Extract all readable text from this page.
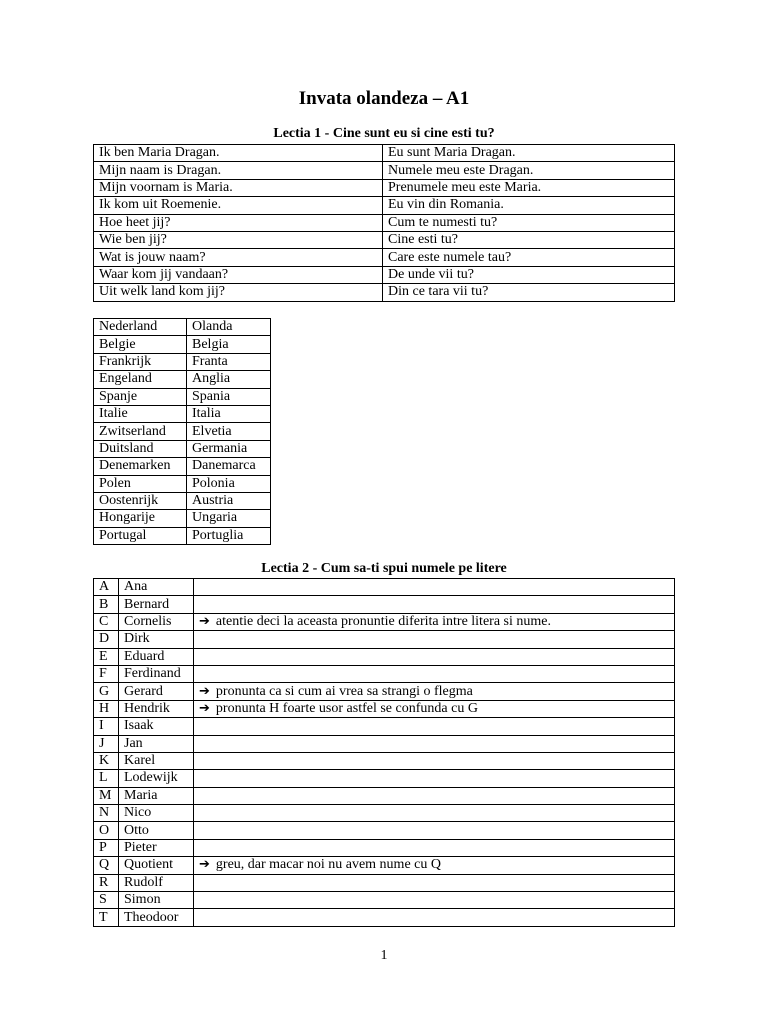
Invata olandeza – A1
Lectia 1 - Cine sunt eu si cine esti tu?
Ik ben Maria Dragan.	Eu sunt Maria Dragan.
Mijn naam is Dragan.	Numele meu este Dragan.
Mijn voornam is Maria.	Prenumele meu este Maria.
Ik kom uit Roemenie.	Eu vin din Romania.
Hoe heet jij?	Cum te numesti tu?
Wie ben jij?	Cine esti tu?
Wat is jouw naam?	Care este numele tau?
Waar kom jij vandaan?	De unde vii tu?
Uit welk land kom jij?	Din ce tara vii tu?
Nederland	Olanda
Belgie	Belgia
Frankrijk	Franta
Engeland	Anglia
Spanje	Spania
Italie	Italia
Zwitserland	Elvetia
Duitsland	Germania
Denemarken	Danemarca
Polen	Polonia
Oostenrijk	Austria
Hongarije	Ungaria
Portugal	Portuglia
Lectia 2 - Cum sa-ti spui numele pe litere
A	Ana	
B	Bernard	
C	Cornelis	➔ atentie deci la aceasta pronuntie diferita intre litera si nume.
D	Dirk	
E	Eduard	
F	Ferdinand	
G	Gerard	➔ pronunta ca si cum ai vrea sa strangi o flegma
H	Hendrik	➔ pronunta H foarte usor astfel se confunda cu G
I	Isaak	
J	Jan	
K	Karel	
L	Lodewijk	
M	Maria	
N	Nico	
O	Otto	
P	Pieter	
Q	Quotient	➔ greu, dar macar noi nu avem nume cu Q
R	Rudolf	
S	Simon	
T	Theodoor	
1
